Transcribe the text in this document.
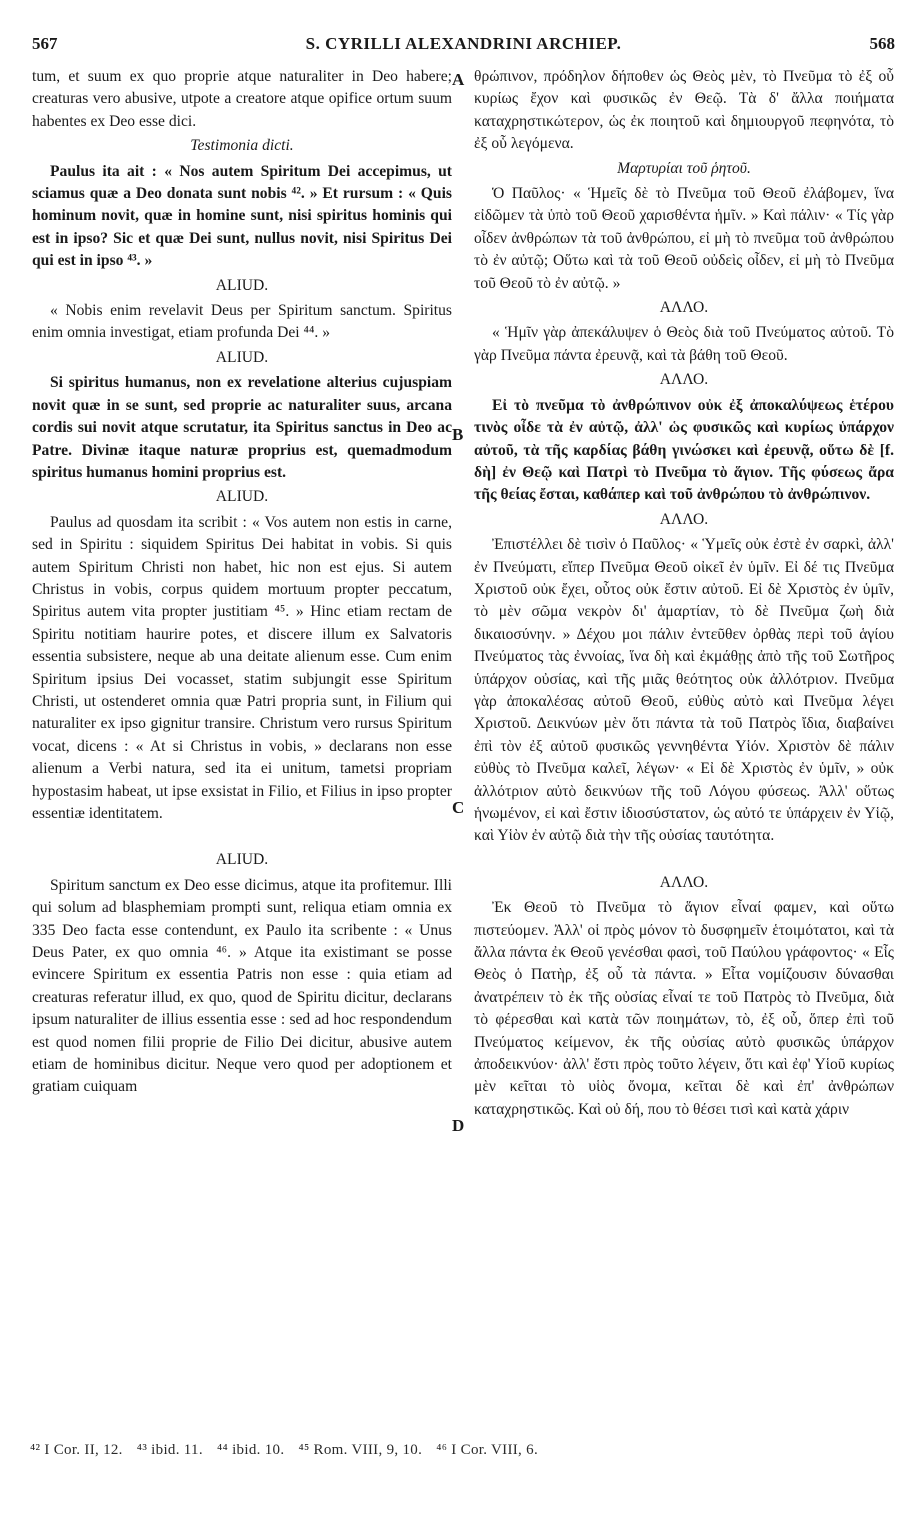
567	S. CYRILLI ALEXANDRINI ARCHIEP.	568

tum, et suum ex quo proprie atque naturaliter in Deo habere; creaturas vero abusive, utpote a creatore atque opifice ortum suum habentes ex Deo esse dici.

Testimonia dicti.

Paulus ita ait : « Nos autem Spiritum Dei accepimus, ut sciamus quæ a Deo donata sunt nobis ⁴². » Et rursum : « Quis hominum novit, quæ in homine sunt, nisi spiritus hominis qui est in ipso? Sic et quæ Dei sunt, nullus novit, nisi Spiritus Dei qui est in ipso ⁴³. »

ALIUD.

« Nobis enim revelavit Deus per Spiritum sanctum. Spiritus enim omnia investigat, etiam profunda Dei ⁴⁴. »

ALIUD.

Si spiritus humanus, non ex revelatione alterius cujuspiam novit quæ in se sunt, sed proprie ac naturaliter suus, arcana cordis sui novit atque scrutatur, ita Spiritus sanctus in Deo ac Patre. Divinæ itaque naturæ proprius est, quemadmodum spiritus humanus homini proprius est.

ALIUD.

Paulus ad quosdam ita scribit : « Vos autem non estis in carne, sed in Spiritu : siquidem Spiritus Dei habitat in vobis. Si quis autem Spiritum Christi non habet, hic non est ejus. Si autem Christus in vobis, corpus quidem mortuum propter peccatum, Spiritus autem vita propter justitiam ⁴⁵. » Hinc etiam rectam de Spiritu notitiam haurire potes, et discere illum ex Salvatoris essentia subsistere, neque ab una deitate alienum esse. Cum enim Spiritum ipsius Dei vocasset, statim subjungit esse Spiritum Christi, ut ostenderet omnia quæ Patri propria sunt, in Filium qui naturaliter ex ipso gignitur transire. Christum vero rursus Spiritum vocat, dicens : « At si Christus in vobis, » declarans non esse alienum a Verbi natura, sed ita ei unitum, tametsi propriam hypostasim habeat, ut ipse exsistat in Filio, et Filius in ipso propter essentiæ identitatem.

ALIUD.

Spiritum sanctum ex Deo esse dicimus, atque ita profitemur. Illi qui solum ad blasphemiam prompti sunt, reliqua etiam omnia ex 335 Deo facta esse contendunt, ex Paulo ita scribente : « Unus Deus Pater, ex quo omnia ⁴⁶. » Atque ita existimant se posse evincere Spiritum ex essentia Patris non esse : quia etiam ad creaturas referatur illud, ex quo, quod de Spiritu dicitur, declarans ipsum naturaliter de illius essentia esse : sed ad hoc respondendum est quod nomen filii proprie de Filio Dei dicitur, abusive autem etiam de hominibus dicitur. Neque vero quod per adoptionem et gratiam cuiquam

A
B
C
D

θρώπινον, πρόδηλον δήποθεν ὡς Θεὸς μὲν, τὸ Πνεῦμα τὸ ἐξ οὗ κυρίως ἔχον καὶ φυσικῶς ἐν Θεῷ. Τὰ δ' ἄλλα ποιήματα καταχρηστικώτερον, ὡς ἐκ ποιητοῦ καὶ δημιουργοῦ πεφηνότα, τὸ ἐξ οὗ λεγόμενα.

Μαρτυρίαι τοῦ ῥητοῦ.

Ὁ Παῦλος· « Ἡμεῖς δὲ τὸ Πνεῦμα τοῦ Θεοῦ ἐλάβομεν, ἵνα εἰδῶμεν τὰ ὑπὸ τοῦ Θεοῦ χαρισθέντα ἡμῖν. » Καὶ πάλιν· « Τίς γὰρ οἶδεν ἀνθρώπων τὰ τοῦ ἀνθρώπου, εἰ μὴ τὸ πνεῦμα τοῦ ἀνθρώπου τὸ ἐν αὐτῷ; Οὕτω καὶ τὰ τοῦ Θεοῦ οὐδεὶς οἶδεν, εἰ μὴ τὸ Πνεῦμα τοῦ Θεοῦ τὸ ἐν αὐτῷ. »

ΑΛΛΟ.

« Ἡμῖν γὰρ ἀπεκάλυψεν ὁ Θεὸς διὰ τοῦ Πνεύματος αὐτοῦ. Τὸ γὰρ Πνεῦμα πάντα ἐρευνᾷ, καὶ τὰ βάθη τοῦ Θεοῦ.

ΑΛΛΟ.

Εἰ τὸ πνεῦμα τὸ ἀνθρώπινον οὐκ ἐξ ἀποκαλύψεως ἑτέρου τινὸς οἶδε τὰ ἐν αὐτῷ, ἀλλ' ὡς φυσικῶς καὶ κυρίως ὑπάρχον αὐτοῦ, τὰ τῆς καρδίας βάθη γινώσκει καὶ ἐρευνᾷ, οὕτω δὲ [f. δὴ] ἐν Θεῷ καὶ Πατρὶ τὸ Πνεῦμα τὸ ἅγιον. Τῆς φύσεως ἄρα τῆς θείας ἔσται, καθάπερ καὶ τοῦ ἀνθρώπου τὸ ἀνθρώπινον.

ΑΛΛΟ.

Ἐπιστέλλει δὲ τισὶν ὁ Παῦλος· « Ὑμεῖς οὐκ ἐστὲ ἐν σαρκὶ, ἀλλ' ἐν Πνεύματι, εἴπερ Πνεῦμα Θεοῦ οἰκεῖ ἐν ὑμῖν. Εἰ δέ τις Πνεῦμα Χριστοῦ οὐκ ἔχει, οὗτος οὐκ ἔστιν αὐτοῦ. Εἰ δὲ Χριστὸς ἐν ὑμῖν, τὸ μὲν σῶμα νεκρὸν δι' ἁμαρτίαν, τὸ δὲ Πνεῦμα ζωὴ διὰ δικαιοσύνην. » Δέχου μοι πάλιν ἐντεῦθεν ὀρθὰς περὶ τοῦ ἁγίου Πνεύματος τὰς ἐννοίας, ἵνα δὴ καὶ ἐκμάθῃς ἀπὸ τῆς τοῦ Σωτῆρος ὑπάρχον οὐσίας, καὶ τῆς μιᾶς θεότητος οὐκ ἀλλότριον. Πνεῦμα γὰρ ἀποκαλέσας αὐτοῦ Θεοῦ, εὐθὺς αὐτὸ καὶ Πνεῦμα λέγει Χριστοῦ. Δεικνύων μὲν ὅτι πάντα τὰ τοῦ Πατρὸς ἴδια, διαβαίνει ἐπὶ τὸν ἐξ αὐτοῦ φυσικῶς γεννηθέντα Υἱόν. Χριστὸν δὲ πάλιν εὐθὺς τὸ Πνεῦμα καλεῖ, λέγων· « Εἰ δὲ Χριστὸς ἐν ὑμῖν, » οὐκ ἀλλότριον αὐτὸ δεικνύων τῆς τοῦ Λόγου φύσεως. Ἀλλ' οὕτως ἡνωμένον, εἰ καὶ ἔστιν ἰδιοσύστατον, ὡς αὐτό τε ὑπάρχειν ἐν Υἱῷ, καὶ Υἱὸν ἐν αὐτῷ διὰ τὴν τῆς οὐσίας ταυτότητα.

ΑΛΛΟ.

Ἐκ Θεοῦ τὸ Πνεῦμα τὸ ἅγιον εἶναί φαμεν, καὶ οὕτω πιστεύομεν. Ἀλλ' οἱ πρὸς μόνον τὸ δυσφημεῖν ἑτοιμότατοι, καὶ τὰ ἄλλα πάντα ἐκ Θεοῦ γενέσθαι φασὶ, τοῦ Παύλου γράφοντος· « Εἷς Θεὸς ὁ Πατὴρ, ἐξ οὗ τὰ πάντα. » Εἶτα νομίζουσιν δύνασθαι ἀνατρέπειν τὸ ἐκ τῆς οὐσίας εἶναί τε τοῦ Πατρὸς τὸ Πνεῦμα, διὰ τὸ φέρεσθαι καὶ κατὰ τῶν ποιημάτων, τὸ, ἐξ οὗ, ὅπερ ἐπὶ τοῦ Πνεύματος κείμενον, ἐκ τῆς οὐσίας αὐτὸ φυσικῶς ὑπάρχον ἀποδεικνύον· ἀλλ' ἔστι πρὸς τοῦτο λέγειν, ὅτι καὶ ἐφ' Υἱοῦ κυρίως μὲν κεῖται τὸ υἱὸς ὄνομα, κεῖται δὲ καὶ ἐπ' ἀνθρώπων καταχρηστικῶς. Καὶ οὐ δή, που τὸ θέσει τισὶ καὶ κατὰ χάριν

⁴² I Cor. II, 12. ⁴³ ibid. 11. ⁴⁴ ibid. 10. ⁴⁵ Rom. VIII, 9, 10. ⁴⁶ I Cor. VIII, 6.
